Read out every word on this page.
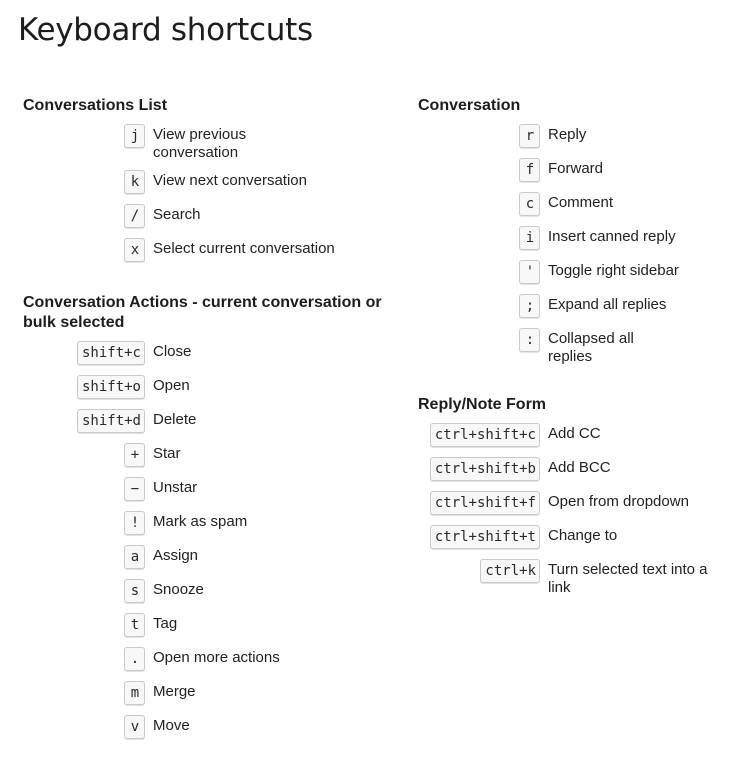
Keyboard shortcuts
Conversations List
j View previous conversation
k View next conversation
/ Search
x Select current conversation
Conversation Actions - current conversation or bulk selected
shift+c Close
shift+o Open
shift+d Delete
+ Star
− Unstar
! Mark as spam
a Assign
s Snooze
t Tag
. Open more actions
m Merge
v Move
Conversation
r Reply
f Forward
c Comment
i Insert canned reply
' Toggle right sidebar
; Expand all replies
: Collapsed all replies
Reply/Note Form
ctrl+shift+c Add CC
ctrl+shift+b Add BCC
ctrl+shift+f Open from dropdown
ctrl+shift+t Change to
ctrl+k Turn selected text into a link
